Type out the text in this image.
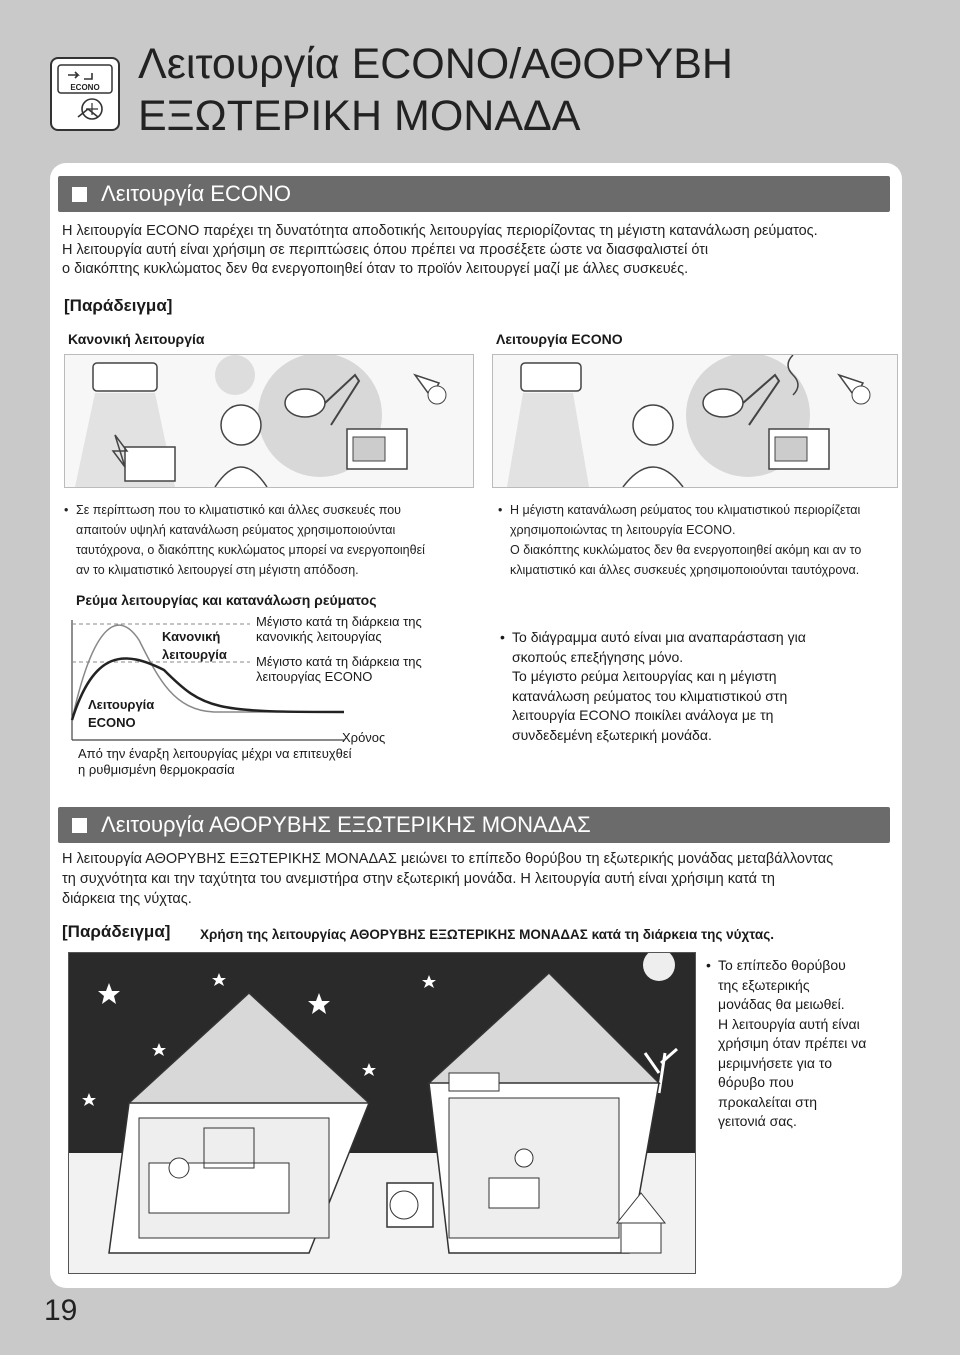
ECONO Λειτουργία ECONO/ΑΘΟΡΥΒΗ
ΕΞΩΤΕΡΙΚΗ ΜΟΝΑΔΑ
Λειτουργία ECONO
Η λειτουργία ECONO παρέχει τη δυνατότητα αποδοτικής λειτουργίας περιορίζοντας τη μέγιστη κατανάλωση ρεύματος.
Η λειτουργία αυτή είναι χρήσιμη σε περιπτώσεις όπου πρέπει να προσέξετε ώστε να διασφαλιστεί ότι
ο διακόπτης κυκλώματος δεν θα ενεργοποιηθεί όταν το προϊόν λειτουργεί μαζί με άλλες συσκευές.
[Παράδειγμα]
Κανονική λειτουργία	Λειτουργία ECONO
• Σε περίπτωση που το κλιματιστικό και άλλες συσκευές που
απαιτούν υψηλή κατανάλωση ρεύματος χρησιμοποιούνται
ταυτόχρονα, ο διακόπτης κυκλώματος μπορεί να ενεργοποιηθεί
αν το κλιματιστικό λειτουργεί στη μέγιστη απόδοση.
• Η μέγιστη κατανάλωση ρεύματος του κλιματιστικού περιορίζεται
χρησιμοποιώντας τη λειτουργία ECONO.
Ο διακόπτης κυκλώματος δεν θα ενεργοποιηθεί ακόμη και αν το
κλιματιστικό και άλλες συσκευές χρησιμοποιούνται ταυτόχρονα.
Ρεύμα λειτουργίας και κατανάλωση ρεύματος
Κανονική
λειτουργία
Λειτουργία
ECONO
Μέγιστο κατά τη διάρκεια της
κανονικής λειτουργίας
Μέγιστο κατά τη διάρκεια της
λειτουργίας ECONO
Χρόνος
Από την έναρξη λειτουργίας μέχρι να επιτευχθεί
η ρυθμισμένη θερμοκρασία
• Το διάγραμμα αυτό είναι μια αναπαράσταση για
σκοπούς επεξήγησης μόνο.
Το μέγιστο ρεύμα λειτουργίας και η μέγιστη
κατανάλωση ρεύματος του κλιματιστικού στη
λειτουργία ECONO ποικίλει ανάλογα με τη
συνδεδεμένη εξωτερική μονάδα.
Λειτουργία ΑΘΟΡΥΒΗΣ ΕΞΩΤΕΡΙΚΗΣ ΜΟΝΑΔΑΣ
Η λειτουργία ΑΘΟΡΥΒΗΣ ΕΞΩΤΕΡΙΚΗΣ ΜΟΝΑΔΑΣ μειώνει το επίπεδο θορύβου τη εξωτερικής μονάδας μεταβάλλοντας
τη συχνότητα και την ταχύτητα του ανεμιστήρα στην εξωτερική μονάδα. Η λειτουργία αυτή είναι χρήσιμη κατά τη
διάρκεια της νύχτας.
[Παράδειγμα] Χρήση της λειτουργίας ΑΘΟΡΥΒΗΣ ΕΞΩΤΕΡΙΚΗΣ ΜΟΝΑΔΑΣ κατά τη διάρκεια της νύχτας.
• Το επίπεδο θορύβου
της εξωτερικής
μονάδας θα μειωθεί.
Η λειτουργία αυτή είναι
χρήσιμη όταν πρέπει να
μεριμνήσετε για το
θόρυβο που
προκαλείται στη
γειτονιά σας.
19
